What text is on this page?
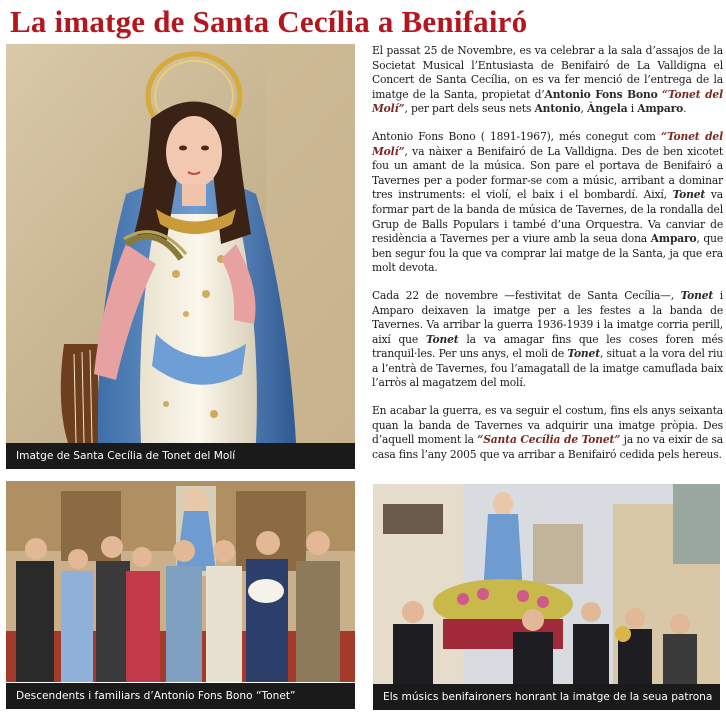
La imatge de Santa Cecília a Benifairó
Imatge de Santa Cecília de Tonet del Molí
Descendents i familiars d’Antonio Fons Bono “Tonet”	Els músics benifaironers honrant la imatge de la seua patrona

El passat 25 de Novembre, es va celebrar a la sala d’assajos de la Societat Musical l’Entusiasta de Benifairó de La Valldigna el Concert de Santa Cecília, on es va fer menció de l’entrega de la imatge de la Santa, propietat d’Antonio Fons Bono “Tonet del Molí”, per part dels seus nets Antonio, Àngela i Amparo.

Antonio Fons Bono ( 1891-1967), més conegut com “Tonet del Molí”, va nàixer a Benifairó de La Valldigna. Des de ben xicotet fou un amant de la música. Son pare el portava de Benifairó a Tavernes per a poder formar-se com a músic, arribant a dominar tres instruments: el violí, el baix i el bombardí. Així, Tonet va formar part de la banda de música de Tavernes, de la rondalla del Grup de Balls Populars i també d’una Orquestra. Va canviar de residència a Tavernes per a viure amb la seua dona Amparo, que ben segur fou la que va comprar lai matge de la Santa, ja que era molt devota.

Cada 22 de novembre —festivitat de Santa Cecília—, Tonet i Amparo deixaven la imatge per a les festes a la banda de Tavernes. Va arribar la guerra 1936-1939 i la imatge corria perill, així que Tonet la va amagar fins que les coses foren més tranquil·les. Per uns anys, el moli de Tonet, situat a la vora del riu a l’entrà de Tavernes, fou l’amagatall de la imatge camuflada baix l’arròs al magatzem del molí.

En acabar la guerra, es va seguir el costum, fins els anys seixanta quan la banda de Tavernes va adquirir una imatge pròpia. Des d’aquell moment la “Santa Cecília de Tonet” ja no va eixir de sa casa fins l’any 2005 que va arribar a Benifairó cedida pels hereus.
